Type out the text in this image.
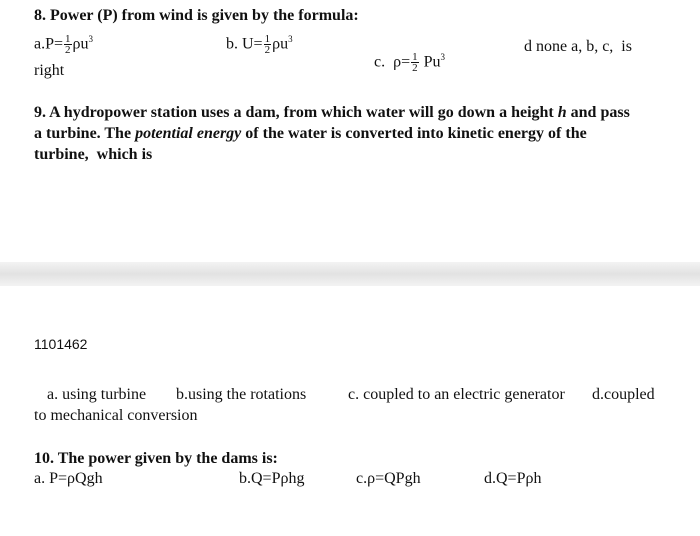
8. Power (P) from wind is given by the formula:
$a.P= \frac{1}{2} \rho u^3$	b. $U= \frac{1}{2} \rho u^3$

c.  $\rho= \frac{1}{2} Pu^3$

d none a, b, c,  is
right
9. A hydropower station uses a dam, from which water will go down a height h and pass
a turbine. The potential energy of the water is converted into kinetic energy of the
turbine,  which is
1101462
a. using turbine b.using the rotations	c. coupled to an electric generator d.coupled
to mechanical conversion
10. The power given by the dams is:
a. P=ρQgh	b.Q=Pρhg	c.ρ=QPgh	d.Q=Pρh
